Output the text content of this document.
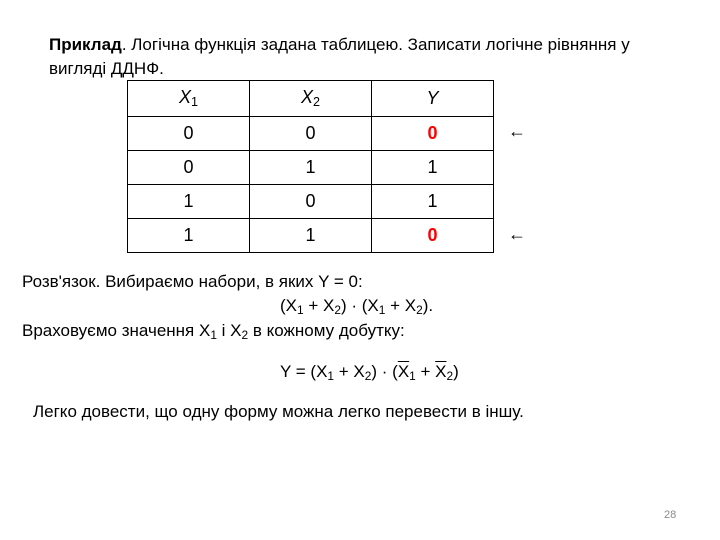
Приклад. Логічна функція задана таблицею. Записати логічне рівняння у
вигляді ДДНФ.
$X_1$	$X_2$	Y
0	0	0
0	1	1
1	0	1
1	1	0
←
←
Розв'язок. Вибираємо набори, в яких Y = 0:
$(X_1 + X_2) \cdot (X_1 + X_2)$.
Враховуємо значення $X_1$ і $X_2$ в кожному добутку:
$Y = (X_1 + X_2) \cdot (\overline{X}_1 + \overline{X}_2)$
Легко довести, що одну форму можна легко перевести в іншу.
28
